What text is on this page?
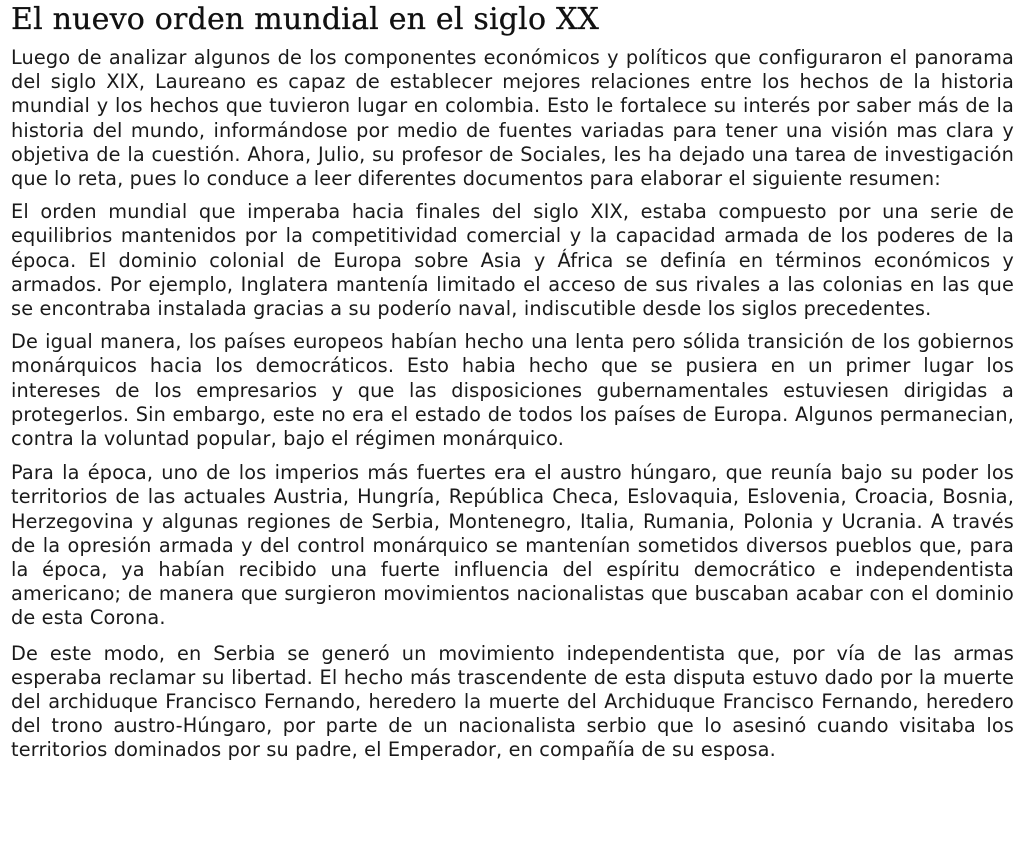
El nuevo orden mundial en el siglo XX

Luego de analizar algunos de los componentes económicos y políticos que configuraron el panorama del siglo XIX, Laureano es capaz de establecer mejores relaciones entre los hechos de la historia mundial y los hechos que tuvieron lugar en colombia. Esto le fortalece su interés por saber más de la historia del mundo, informándose por medio de fuentes variadas para tener una visión mas clara y objetiva de la cuestión. Ahora, Julio, su profesor de Sociales, les ha dejado una tarea de investigación que lo reta, pues lo conduce a leer diferentes documentos para elaborar el siguiente resumen:

El orden mundial que imperaba hacia finales del siglo XIX, estaba compuesto por una serie de equilibrios mantenidos por la competitividad comercial y la capacidad armada de los poderes de la época. El dominio colonial de Europa sobre Asia y África se definía en términos económicos y armados. Por ejemplo, Inglatera mantenía limitado el acceso de sus rivales a las colonias en las que se encontraba instalada gracias a su poderío naval, indiscutible desde los siglos precedentes.

De igual manera, los países europeos habían hecho una lenta pero sólida transición de los gobiernos monárquicos hacia los democráticos. Esto habia hecho que se pusiera en un primer lugar los intereses de los empresarios y que las disposiciones gubernamentales estuviesen dirigidas a protegerlos. Sin embargo, este no era el estado de todos los países de Europa. Algunos permanecian, contra la voluntad popular, bajo el régimen monárquico.

Para la época, uno de los imperios más fuertes era el austro húngaro, que reunía bajo su poder los territorios de las actuales Austria, Hungría, República Checa, Eslovaquia, Eslovenia, Croacia, Bosnia, Herzegovina y algunas regiones de Serbia, Montenegro, Italia, Rumania, Polonia y Ucrania. A través de la opresión armada y del control monárquico se mantenían sometidos diversos pueblos que, para la época, ya habían recibido una fuerte influencia del espíritu democrático e independentista americano; de manera que surgieron movimientos nacionalistas que buscaban acabar con el dominio de esta Corona.

De este modo, en Serbia se generó un movimiento independentista que, por vía de las armas esperaba reclamar su libertad. El hecho más trascendente de esta disputa estuvo dado por la muerte del archiduque Francisco Fernando, heredero la muerte del Archiduque Francisco Fernando, heredero del trono austro-Húngaro, por parte de un nacionalista serbio que lo asesinó cuando visitaba los territorios dominados por su padre, el Emperador, en compañía de su esposa.
